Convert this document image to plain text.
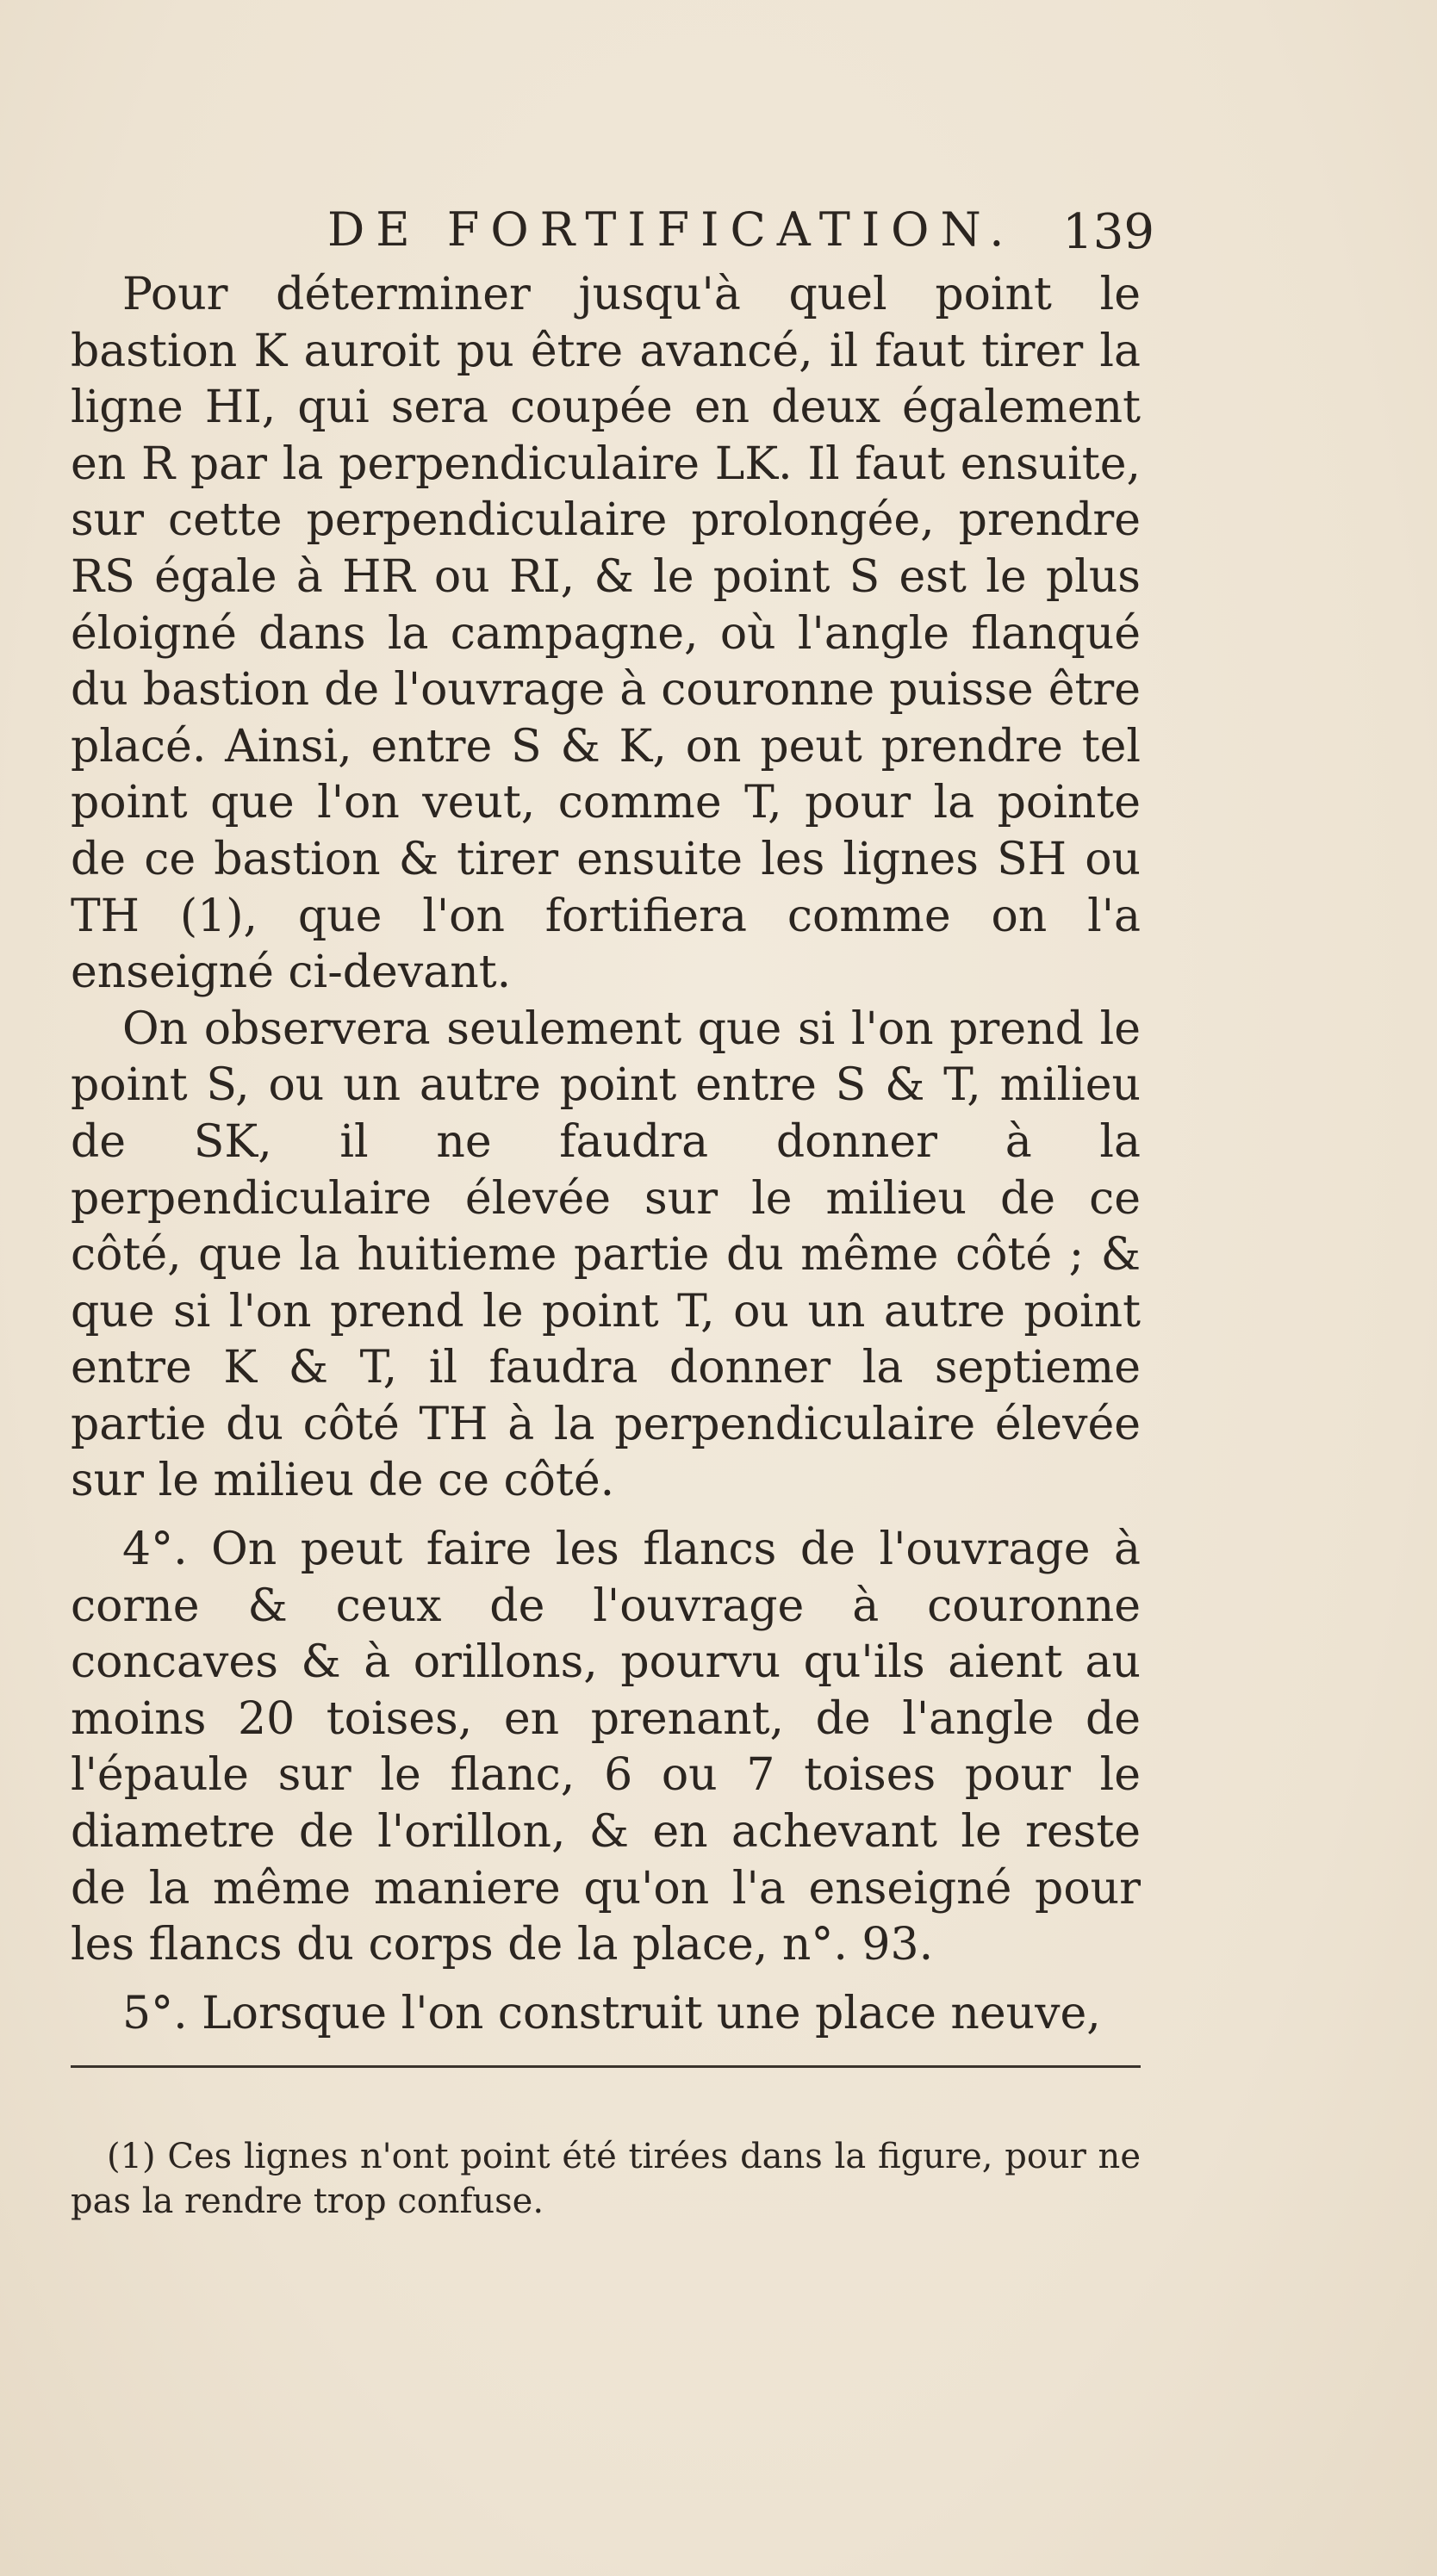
DE FORTIFICATION. 139

Pour déterminer jusqu'à quel point le bastion K auroit pu être avancé, il faut tirer la ligne HI, qui sera coupée en deux également en R par la perpendiculaire LK. Il faut ensuite, sur cette perpendiculaire prolongée, prendre RS égale à HR ou RI, & le point S est le plus éloigné dans la campagne, où l'angle flanqué du bastion de l'ouvrage à couronne puisse être placé. Ainsi, entre S & K, on peut prendre tel point que l'on veut, comme T, pour la pointe de ce bastion & tirer ensuite les lignes SH ou TH (1), que l'on fortifiera comme on l'a enseigné ci-devant.

On observera seulement que si l'on prend le point S, ou un autre point entre S & T, milieu de SK, il ne faudra donner à la perpendiculaire élevée sur le milieu de ce côté, que la huitieme partie du même côté ; & que si l'on prend le point T, ou un autre point entre K & T, il faudra donner la septieme partie du côté TH à la perpendiculaire élevée sur le milieu de ce côté.

4°. On peut faire les flancs de l'ouvrage à corne & ceux de l'ouvrage à couronne concaves & à orillons, pourvu qu'ils aient au moins 20 toises, en prenant, de l'angle de l'épaule sur le flanc, 6 ou 7 toises pour le diametre de l'orillon, & en achevant le reste de la même maniere qu'on l'a enseigné pour les flancs du corps de la place, n°. 93.

5°. Lorsque l'on construit une place neuve,

(1) Ces lignes n'ont point été tirées dans la figure, pour ne pas la rendre trop confuse.
